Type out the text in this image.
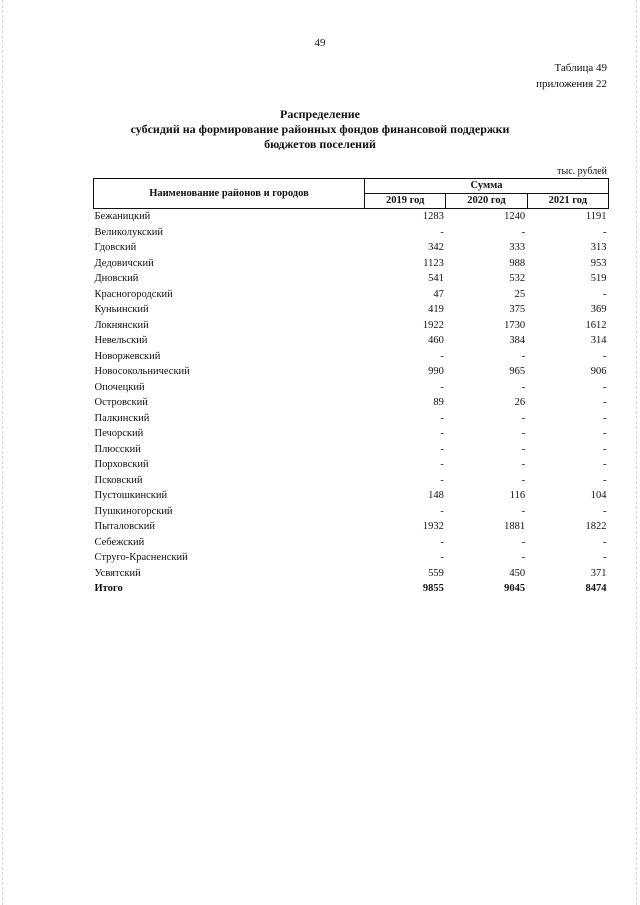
49
Таблица 49
приложения 22
Распределение
субсидий на формирование районных фондов финансовой поддержки
бюджетов поселений
тыс. рублей
Наименование районов и городов	Сумма		
	2019 год	2020 год	2021 год
Бежаницкий	1283	1240	1191
Великолукский	-	-	-
Гдовский	342	333	313
Дедовичский	1123	988	953
Дновский	541	532	519
Красногородский	47	25	-
Куньинский	419	375	369
Локнянский	1922	1730	1612
Невельский	460	384	314
Новоржевский	-	-	-
Новосокольнический	990	965	906
Опочецкий	-	-	-
Островский	89	26	-
Палкинский	-	-	-
Печорский	-	-	-
Плюсский	-	-	-
Порховский	-	-	-
Псковский	-	-	-
Пустошкинский	148	116	104
Пушкиногорский	-	-	-
Пыталовский	1932	1881	1822
Себежский	-	-	-
Струго-Красненский	-	-	-
Усвятский	559	450	371
Итого	9855	9045	8474
